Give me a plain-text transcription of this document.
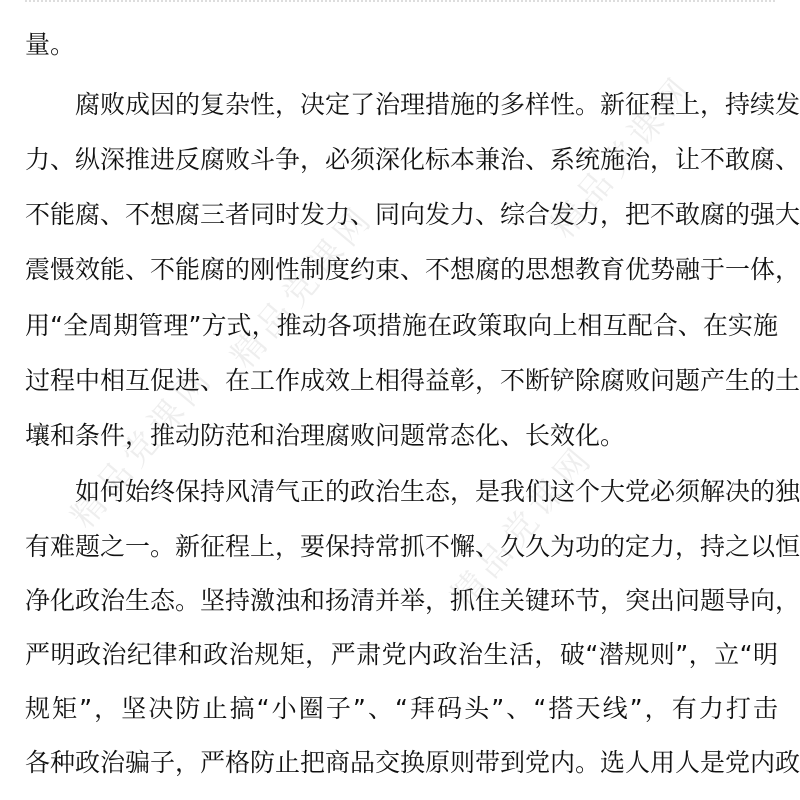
精品党课网
精品党课网
精品党课网
精品党课网
量。
腐败成因的复杂性，决定了治理措施的多样性。新征程上，持续发
力、纵深推进反腐败斗争，必须深化标本兼治、系统施治，让不敢腐、
不能腐、不想腐三者同时发力、同向发力、综合发力，把不敢腐的强大
震慑效能、不能腐的刚性制度约束、不想腐的思想教育优势融于一体，
用“全周期管理”方式，推动各项措施在政策取向上相互配合、在实施
过程中相互促进、在工作成效上相得益彰，不断铲除腐败问题产生的土
壤和条件，推动防范和治理腐败问题常态化、长效化。
如何始终保持风清气正的政治生态，是我们这个大党必须解决的独
有难题之一。新征程上，要保持常抓不懈、久久为功的定力，持之以恒
净化政治生态。坚持激浊和扬清并举，抓住关键环节，突出问题导向，
严明政治纪律和政治规矩，严肃党内政治生活，破“潜规则”，立“明
规矩”，坚决防止搞“小圈子”、“拜码头”、“搭天线”，有力打击
各种政治骗子，严格防止把商品交换原则带到党内。选人用人是党内政
